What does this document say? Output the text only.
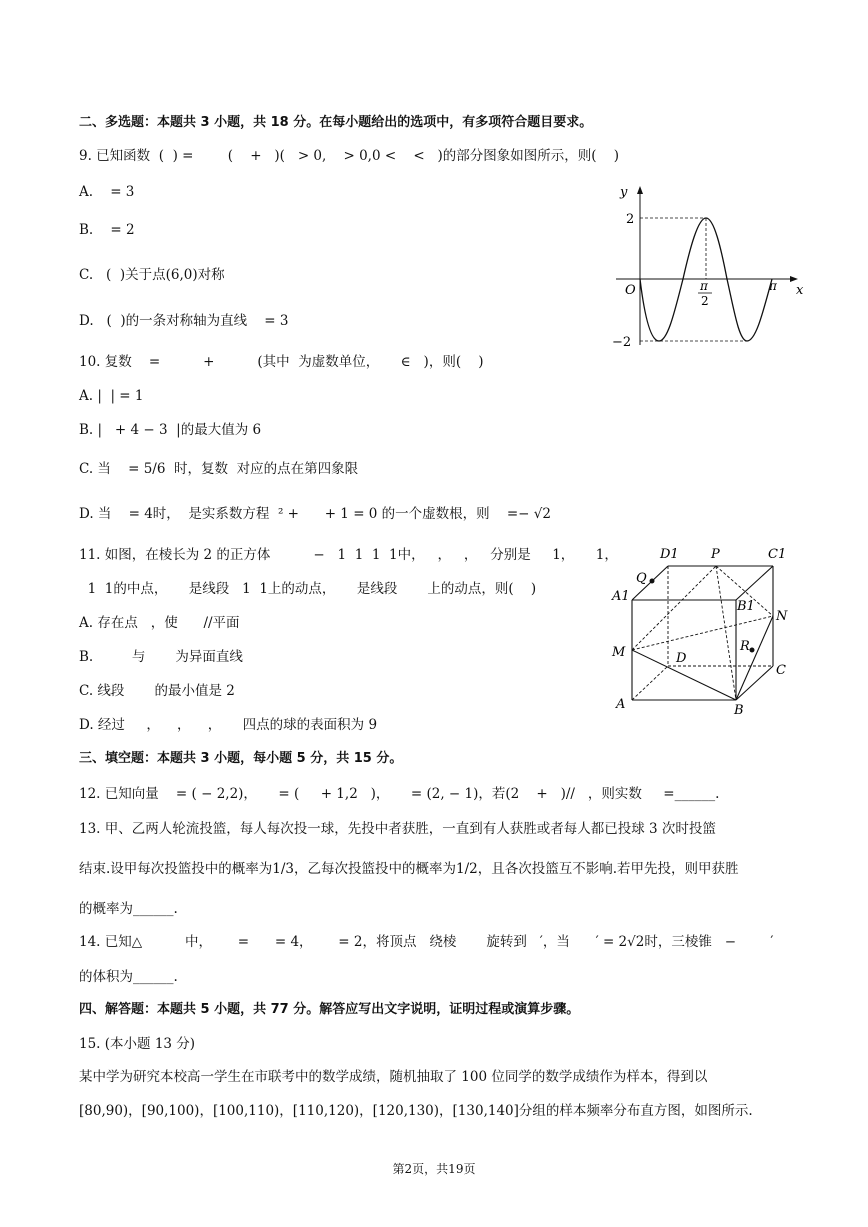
二、多选题：本题共 3 小题，共 18 分。在每小题给出的选项中，有多项符合题目要求。
9. 已知函数  (  ) =        (    +   )(   > 0,    > 0,0 <    <   )的部分图象如图所示，则(    )
A.    = 3
B.    = 2
C.   (  )关于点(6,0)对称
D.   (  )的一条对称轴为直线    = 3
10. 复数    =          +          (其中  为虚数单位，     ∈   )，则(    )
A. |  | = 1
B. |   + 4 − 3  |的最大值为 6
C. 当    = 5/6  时，复数  对应的点在第四象限
D. 当    = 4时，  是实系数方程  ² +      + 1 = 0 的一个虚数根，则    =− √2
11. 如图，在棱长为 2 的正方体          −   1  1  1  1中，   ，   ，   分别是     1，     1，
1  1的中点，     是线段   1  1上的动点，     是线段       上的动点，则(    )
A. 存在点   ，使      //平面
B.         与       为异面直线
C. 线段       的最小值是 2
D. 经过     ，    ，    ，     四点的球的表面积为 9
三、填空题：本题共 3 小题，每小题 5 分，共 15 分。
12. 已知向量    = ( − 2,2)，     = (     + 1,2   )，     = (2, − 1)，若(2    +   )//   ，则实数     =______.
13. 甲、乙两人轮流投篮，每人每次投一球，先投中者获胜，一直到有人获胜或者每人都已投球 3 次时投篮
结束.设甲每次投篮投中的概率为1/3，乙每次投篮投中的概率为1/2，且各次投篮互不影响.若甲先投，则甲获胜
的概率为______.
14. 已知△          中，      =      = 4，      = 2，将顶点   绕棱       旋转到   ′，当      ′ = 2√2时，三棱锥   −        ′
的体积为______.
四、解答题：本题共 5 小题，共 77 分。解答应写出文字说明，证明过程或演算步骤。
15. (本小题 13 分)
某中学为研究本校高一学生在市联考中的数学成绩，随机抽取了 100 位同学的数学成绩作为样本，得到以
[80,90)，[90,100)，[100,110)，[110,120)，[120,130)，[130,140]分组的样本频率分布直方图，如图所示.
y
x
O
2
−2
π
2
π
D1 P	C1
Q
A1
B1
N
M	D
R
C
A	B
第2页，共19页
